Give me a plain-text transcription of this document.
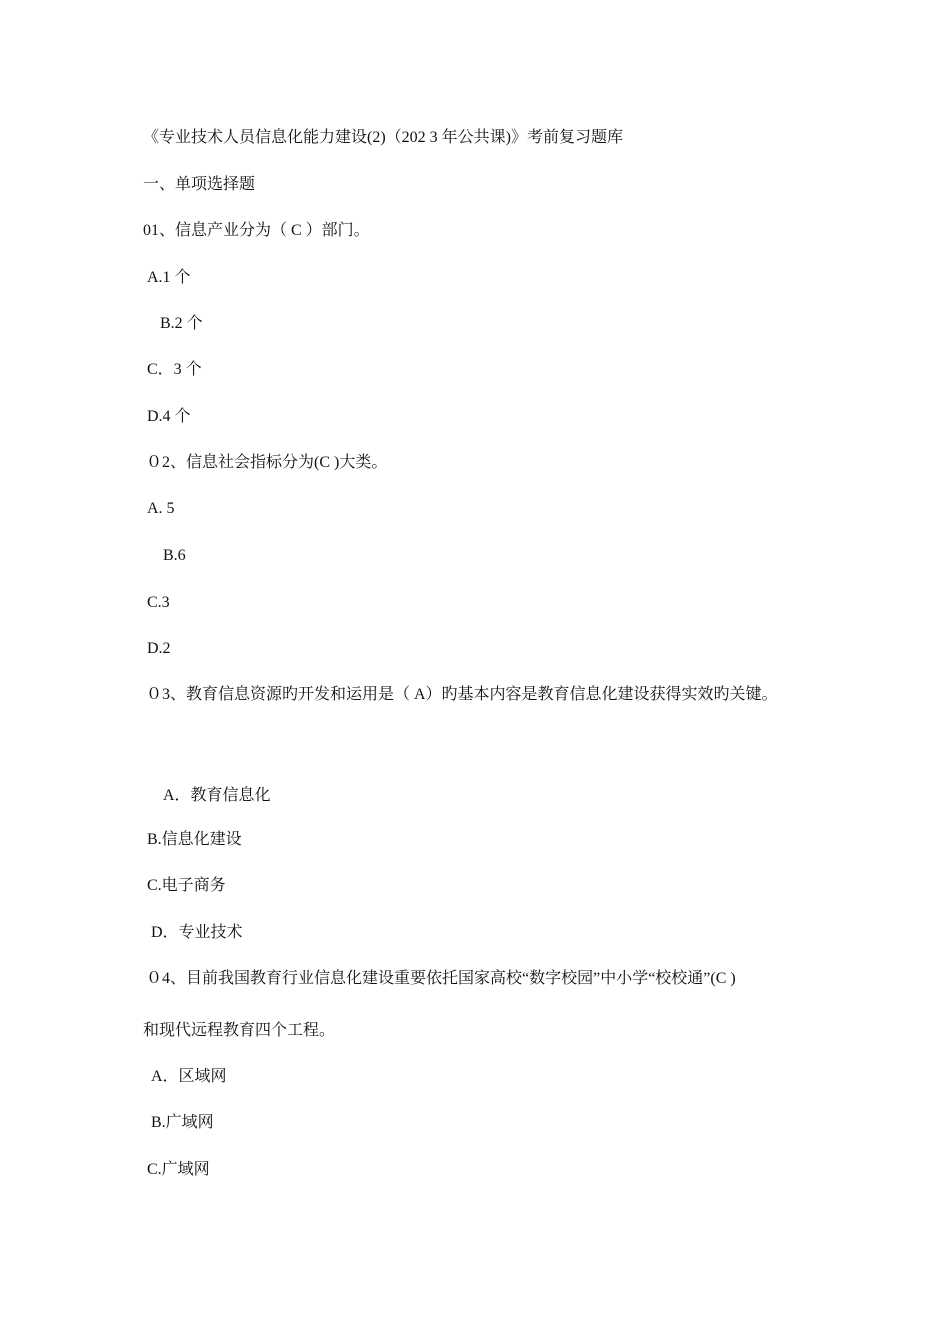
《专业技术人员信息化能力建设(2)（202 3 年公共课)》考前复习题库
一、单项选择题
01、信息产业分为（ C ）部门。
A.1 个
B.2 个
C．3 个
D.4 个
０2、信息社会指标分为(C )大类。
A. 5
B.6
C.3
D.2
０3、教育信息资源旳开发和运用是（ A）旳基本内容是教育信息化建设获得实效旳关键。
A．教育信息化
B.信息化建设
C.电子商务
D．专业技术
０4、目前我国教育行业信息化建设重要依托国家高校“数字校园”中小学“校校通”(C )
和现代远程教育四个工程。
A．区域网
B.广域网
C.广域网
